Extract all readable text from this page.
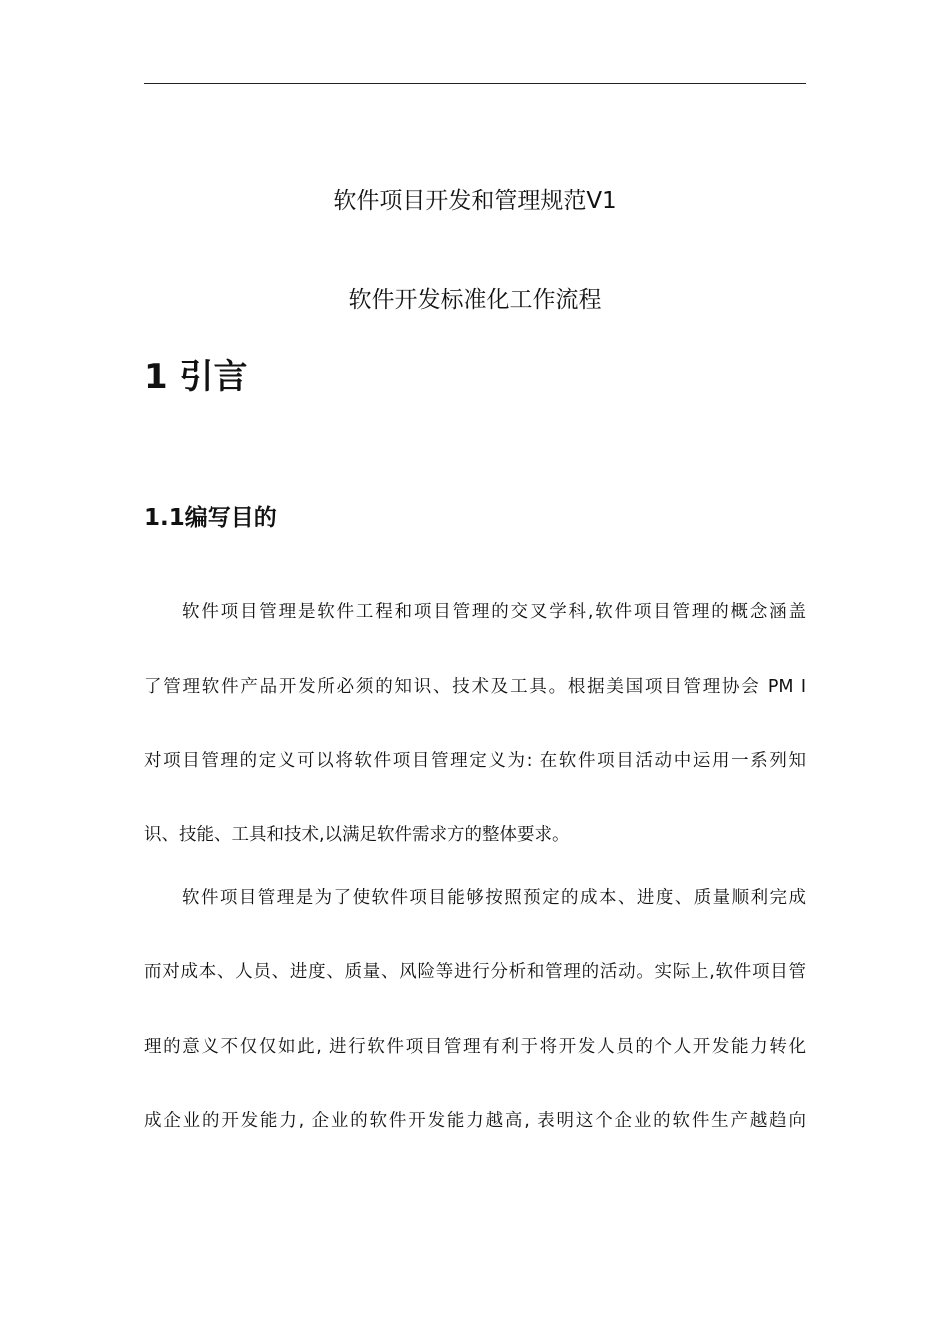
软件项目开发和管理规范V1
软件开发标准化工作流程
1 引言
1.1编写目的

软件项目管理是软件工程和项目管理的交叉学科,软件项目管理的概念涵盖

了管理软件产品开发所必须的知识、技术及工具。根据美国项目管理协会 PM Ⅰ

对项目管理的定义可以将软件项目管理定义为: 在软件项目活动中运用一系列知

识、技能、工具和技术,以满足软件需求方的整体要求。

软件项目管理是为了使软件项目能够按照预定的成本、进度、质量顺利完成

而对成本、人员、进度、质量、风险等进行分析和管理的活动。实际上,软件项目管

理的意义不仅仅如此, 进行软件项目管理有利于将开发人员的个人开发能力转化

成企业的开发能力, 企业的软件开发能力越高, 表明这个企业的软件生产越趋向
